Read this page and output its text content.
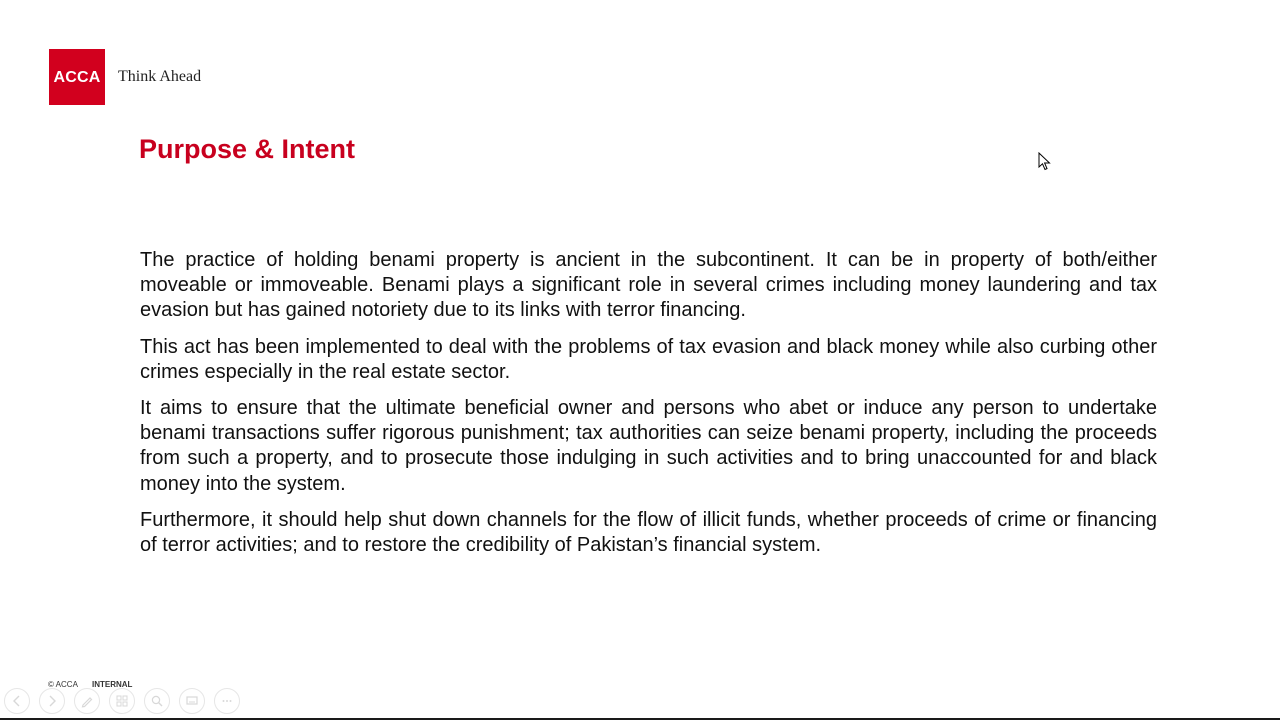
ACCA Think Ahead
Purpose & Intent

The practice of holding benami property is ancient in the subcontinent. It can be in property of both/either moveable or immoveable. Benami plays a significant role in several crimes including money laundering and tax evasion but has gained notoriety due to its links with terror financing.

This act has been implemented to deal with the problems of tax evasion and black money while also curbing other crimes especially in the real estate sector.

It aims to ensure that the ultimate beneficial owner and persons who abet or induce any person to undertake benami transactions suffer rigorous punishment; tax authorities can seize benami property, including the proceeds from such a property, and to prosecute those indulging in such activities and to bring unaccounted for and black money into the system.

Furthermore, it should help shut down channels for the flow of illicit funds, whether proceeds of crime or financing of terror activities; and to restore the credibility of Pakistan’s financial system.

© ACCA INTERNAL
